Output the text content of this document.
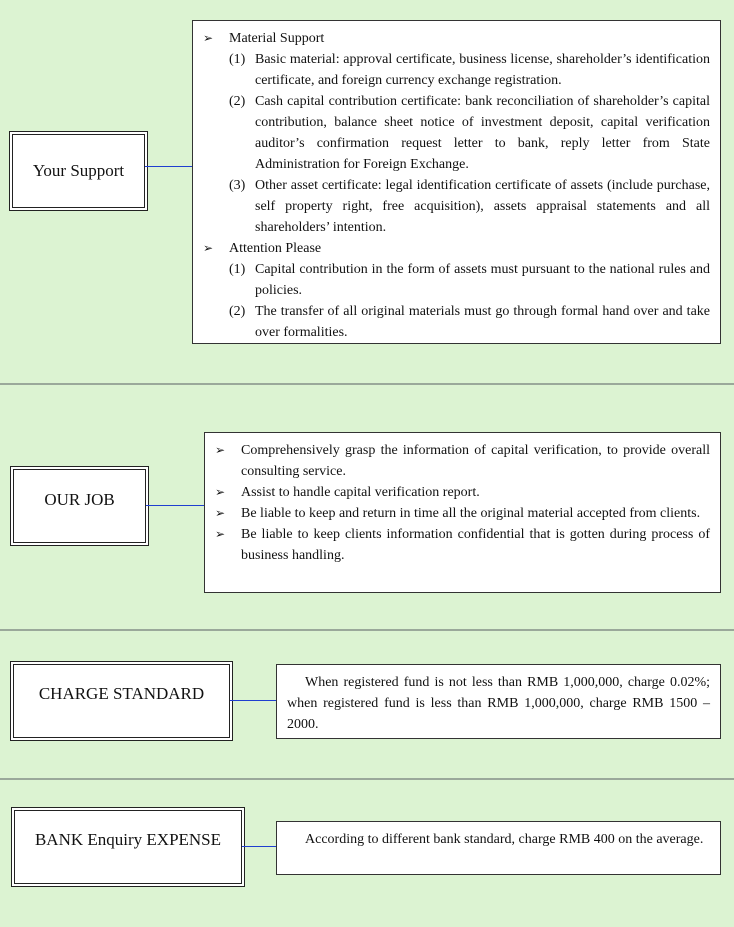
Your Support
➢	Material Support
(1) Basic material: approval certificate, business license, shareholder’s identification certificate, and foreign currency exchange registration.
(2) Cash capital contribution certificate: bank reconciliation of shareholder’s capital contribution, balance sheet notice of investment deposit, capital verification auditor’s confirmation request letter to bank, reply letter from State Administration for Foreign Exchange.
(3) Other asset certificate: legal identification certificate of assets (include purchase, self property right, free acquisition), assets appraisal statements and all shareholders’ intention.
➢	Attention Please
(1) Capital contribution in the form of assets must pursuant to the national rules and policies.
(2) The transfer of all original materials must go through formal hand over and take over formalities.
OUR JOB
➢	Comprehensively grasp the information of capital verification, to provide overall consulting service.
➢	Assist to handle capital verification report.
➢	Be liable to keep and return in time all the original material accepted from clients.
➢	Be liable to keep clients information confidential that is gotten during process of business handling.
CHARGE STANDARD
When registered fund is not less than RMB 1,000,000, charge 0.02%; when registered fund is less than RMB 1,000,000, charge RMB 1500 – 2000.
BANK Enquiry EXPENSE	According to different bank standard, charge RMB 400 on the average.
